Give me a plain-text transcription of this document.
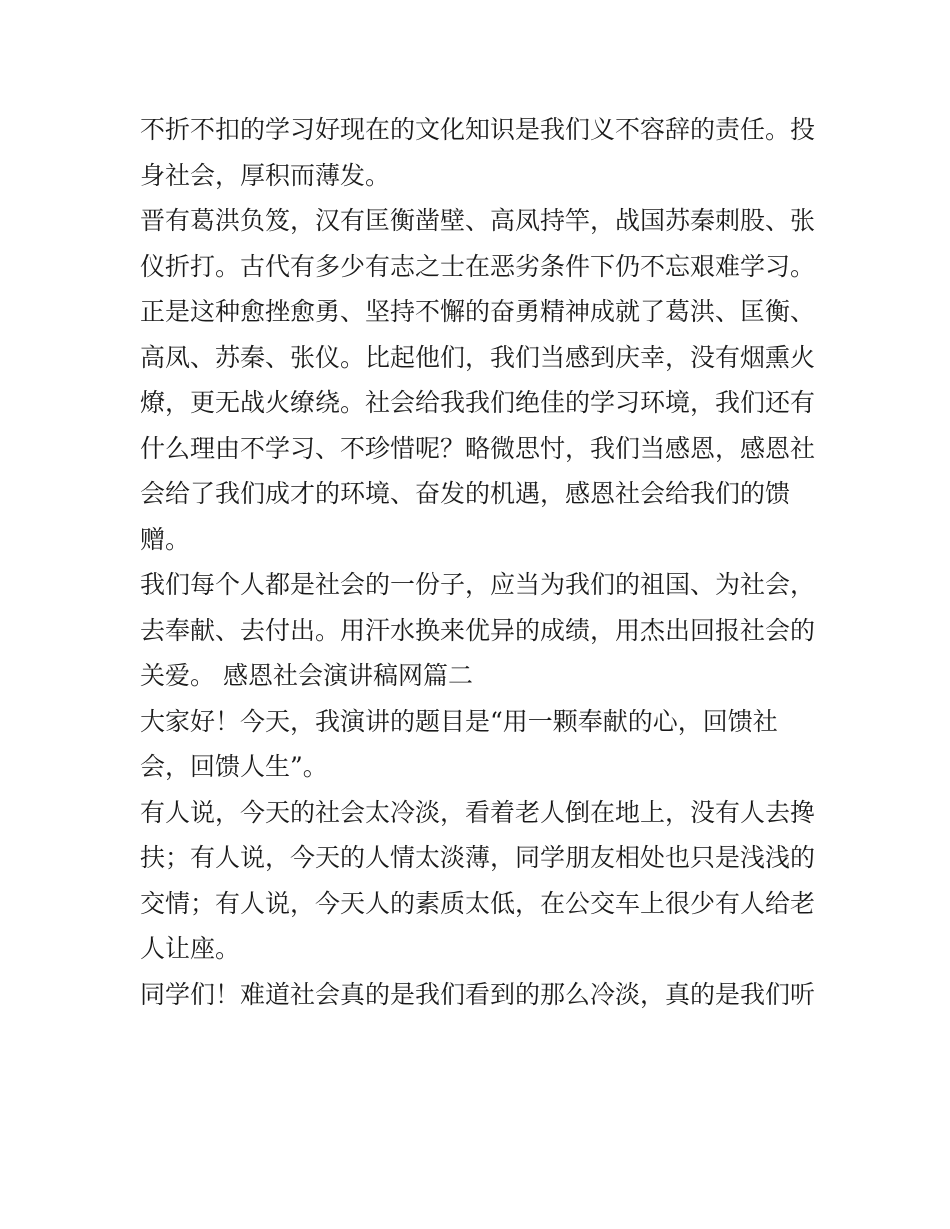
不折不扣的学习好现在的文化知识是我们义不容辞的责任。投
身社会，厚积而薄发。
晋有葛洪负笈，汉有匡衡凿壁、高凤持竿，战国苏秦刺股、张
仪折打。古代有多少有志之士在恶劣条件下仍不忘艰难学习。
正是这种愈挫愈勇、坚持不懈的奋勇精神成就了葛洪、匡衡、
高凤、苏秦、张仪。比起他们，我们当感到庆幸，没有烟熏火
燎，更无战火缭绕。社会给我我们绝佳的学习环境，我们还有
什么理由不学习、不珍惜呢？略微思忖，我们当感恩，感恩社
会给了我们成才的环境、奋发的机遇，感恩社会给我们的馈
赠。
我们每个人都是社会的一份子，应当为我们的祖国、为社会，
去奉献、去付出。用汗水换来优异的成绩，用杰出回报社会的
关爱。 感恩社会演讲稿网篇二
大家好！今天，我演讲的题目是“用一颗奉献的心，回馈社
会，回馈人生”。
有人说，今天的社会太冷淡，看着老人倒在地上，没有人去搀
扶；有人说，今天的人情太淡薄，同学朋友相处也只是浅浅的
交情；有人说，今天人的素质太低，在公交车上很少有人给老
人让座。
同学们！难道社会真的是我们看到的那么冷淡，真的是我们听
